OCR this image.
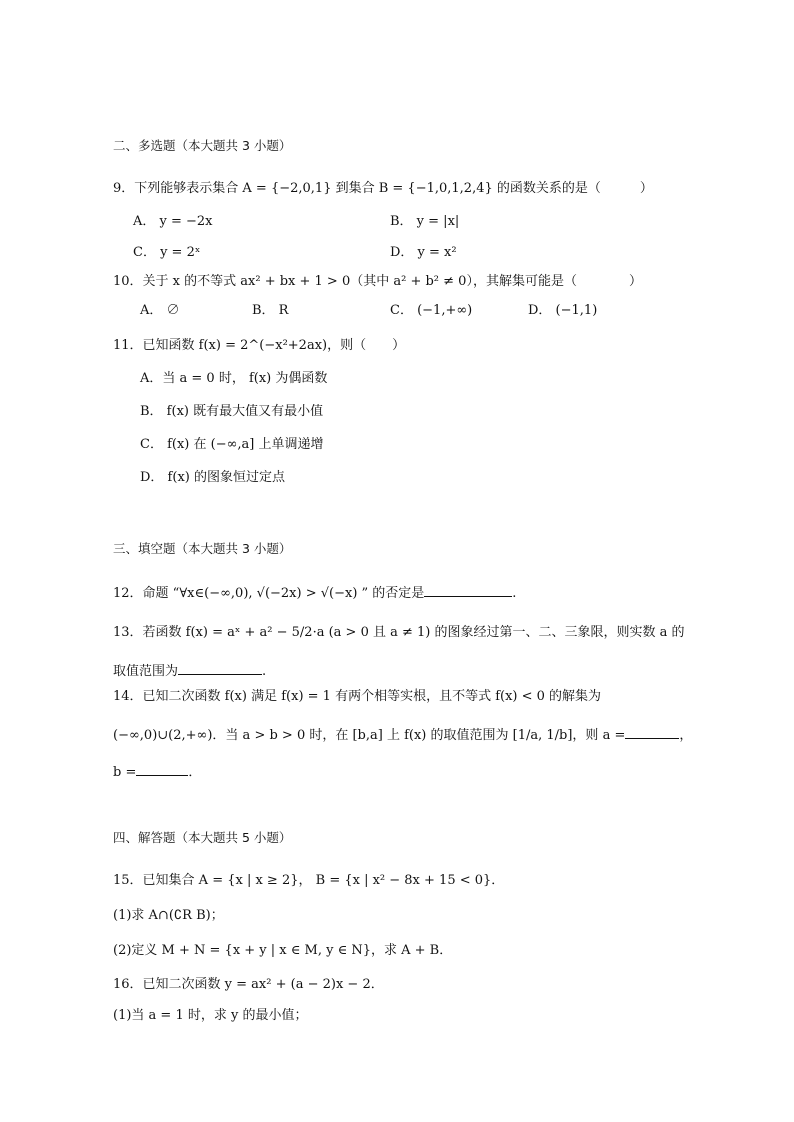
二、多选题（本大题共 3 小题）
9．下列能够表示集合 A = {−2,0,1} 到集合 B = {−1,0,1,2,4} 的函数关系的是（　　　）
A． y = −2x	B． y = |x|
C． y = 2ˣ	D． y = x²
10．关于 x 的不等式 ax² + bx + 1 > 0（其中 a² + b² ≠ 0），其解集可能是（　　　　）
A． ∅	B． R	C． (−1,+∞)	D． (−1,1)
11．已知函数 f(x) = 2^(−x²+2ax)，则（　　）
A．当 a = 0 时， f(x) 为偶函数
B． f(x) 既有最大值又有最小值
C． f(x) 在 (−∞,a] 上单调递增
D． f(x) 的图象恒过定点
三、填空题（本大题共 3 小题）
12．命题 “∀x∈(−∞,0), √(−2x) > √(−x) ” 的否定是	.
13．若函数 f(x) = aˣ + a² − 5/2·a (a > 0 且 a ≠ 1) 的图象经过第一、二、三象限，则实数 a 的
取值范围为	.
14．已知二次函数 f(x) 满足 f(x) = 1 有两个相等实根，且不等式 f(x) < 0 的解集为
(−∞,0)∪(2,+∞)．当 a > b > 0 时，在 [b,a] 上 f(x) 的取值范围为 [1/a, 1/b]，则 a =	，
b =	．
四、解答题（本大题共 5 小题）
15．已知集合 A = {x | x ≥ 2}， B = {x | x² − 8x + 15 < 0}．
(1)求 A∩(∁R B)；
(2)定义 M + N = {x + y | x ∈ M, y ∈ N}，求 A + B．
16．已知二次函数 y = ax² + (a − 2)x − 2．
(1)当 a = 1 时，求 y 的最小值；
